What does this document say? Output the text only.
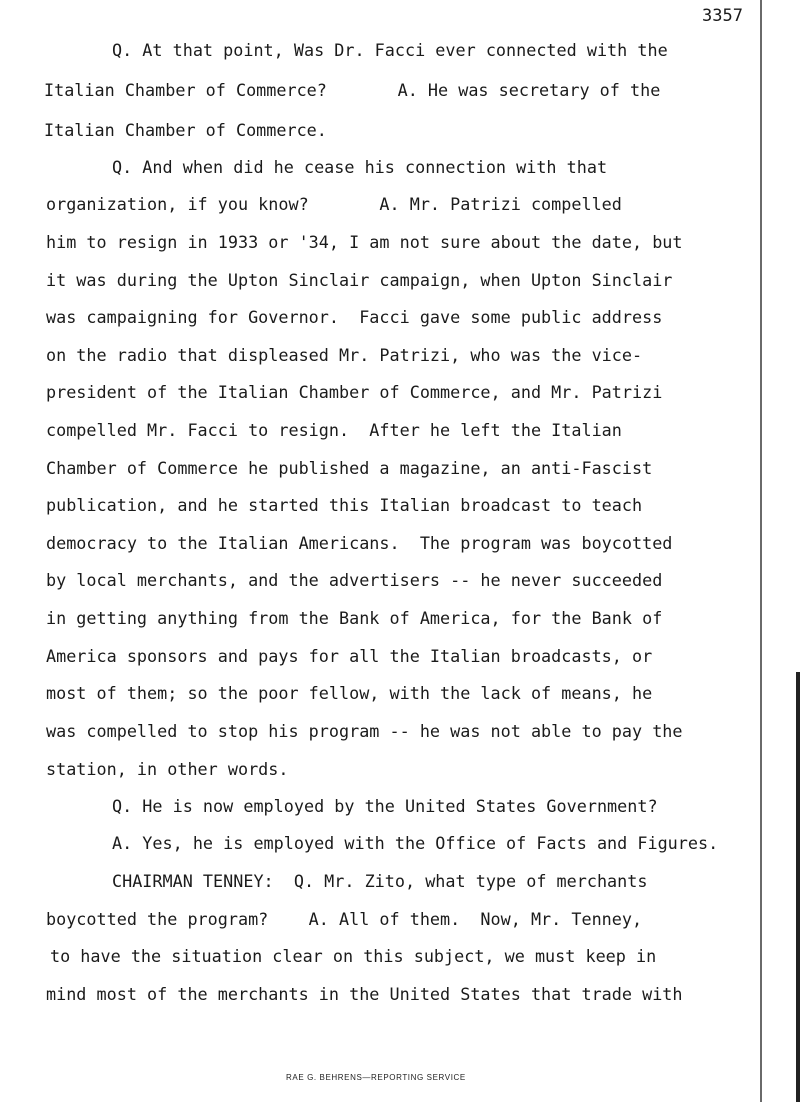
3357
Q. At that point, Was Dr. Facci ever connected with the
Italian Chamber of Commerce?       A. He was secretary of the
Italian Chamber of Commerce.
Q. And when did he cease his connection with that
organization, if you know?       A. Mr. Patrizi compelled
him to resign in 1933 or '34, I am not sure about the date, but
it was during the Upton Sinclair campaign, when Upton Sinclair
was campaigning for Governor.  Facci gave some public address
on the radio that displeased Mr. Patrizi, who was the vice-
president of the Italian Chamber of Commerce, and Mr. Patrizi
compelled Mr. Facci to resign.  After he left the Italian
Chamber of Commerce he published a magazine, an anti-Fascist
publication, and he started this Italian broadcast to teach
democracy to the Italian Americans.  The program was boycotted
by local merchants, and the advertisers -- he never succeeded
in getting anything from the Bank of America, for the Bank of
America sponsors and pays for all the Italian broadcasts, or
most of them; so the poor fellow, with the lack of means, he
was compelled to stop his program -- he was not able to pay the
station, in other words.
Q. He is now employed by the United States Government?
A. Yes, he is employed with the Office of Facts and Figures.
CHAIRMAN TENNEY:  Q. Mr. Zito, what type of merchants
boycotted the program?    A. All of them.  Now, Mr. Tenney,
to have the situation clear on this subject, we must keep in
mind most of the merchants in the United States that trade with
RAE G. BEHRENS—REPORTING SERVICE
